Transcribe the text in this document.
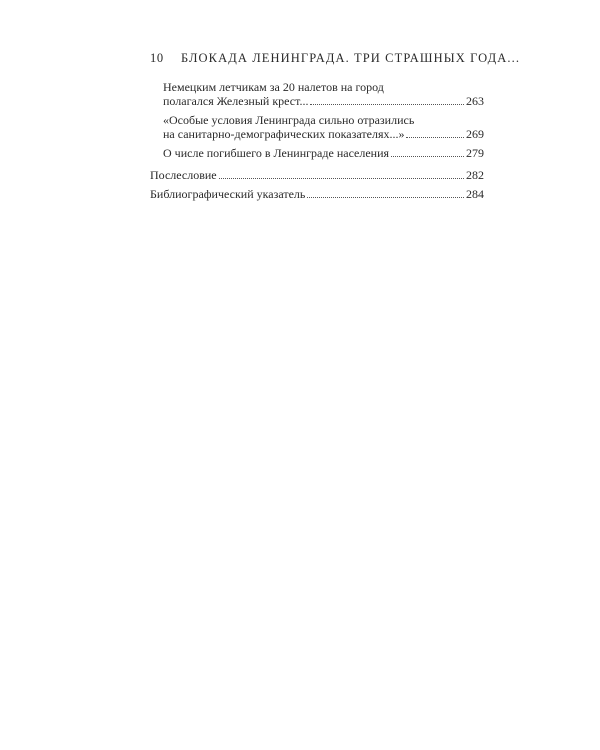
10 БЛОКАДА ЛЕНИНГРАДА. ТРИ СТРАШНЫХ ГОДА...
Немецким летчикам за 20 налетов на город
полагался Железный крест...	263
«Особые условия Ленинграда сильно отразились
на санитарно-демографических показателях...»	269
О числе погибшего в Ленинграде населения	279
Послесловие	282
Библиографический указатель	284
